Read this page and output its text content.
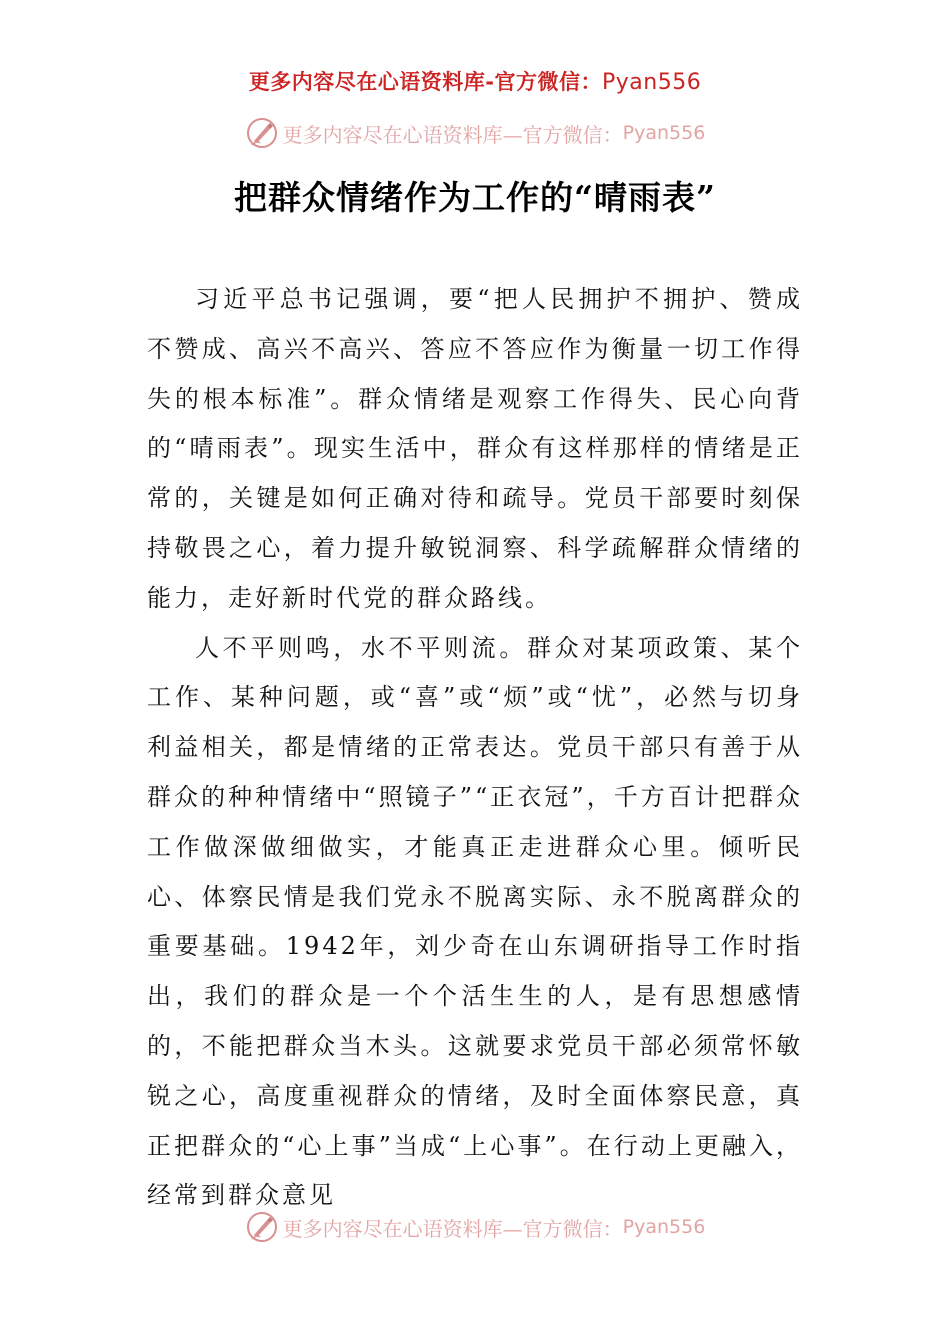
更多内容尽在心语资料库-官方微信：Pyan556
更多内容尽在心语资料库—官方微信： Pyan556
把群众情绪作为工作的“晴雨表”

习近平总书记强调，要“把人民拥护不拥护、赞成不赞成、高兴不高兴、答应不答应作为衡量一切工作得失的根本标准”。群众情绪是观察工作得失、民心向背的“晴雨表”。现实生活中，群众有这样那样的情绪是正常的，关键是如何正确对待和疏导。党员干部要时刻保持敬畏之心，着力提升敏锐洞察、科学疏解群众情绪的能力，走好新时代党的群众路线。

人不平则鸣，水不平则流。群众对某项政策、某个工作、某种问题，或“喜”或“烦”或“忧”，必然与切身利益相关，都是情绪的正常表达。党员干部只有善于从群众的种种情绪中“照镜子”“正衣冠”，千方百计把群众工作做深做细做实，才能真正走进群众心里。倾听民心、体察民情是我们党永不脱离实际、永不脱离群众的重要基础。1942年，刘少奇在山东调研指导工作时指出，我们的群众是一个个活生生的人，是有思想感情的，不能把群众当木头。这就要求党员干部必须常怀敏锐之心，高度重视群众的情绪，及时全面体察民意，真正把群众的“心上事”当成“上心事”。在行动上更融入，经常到群众意见

更多内容尽在心语资料库—官方微信： Pyan556
